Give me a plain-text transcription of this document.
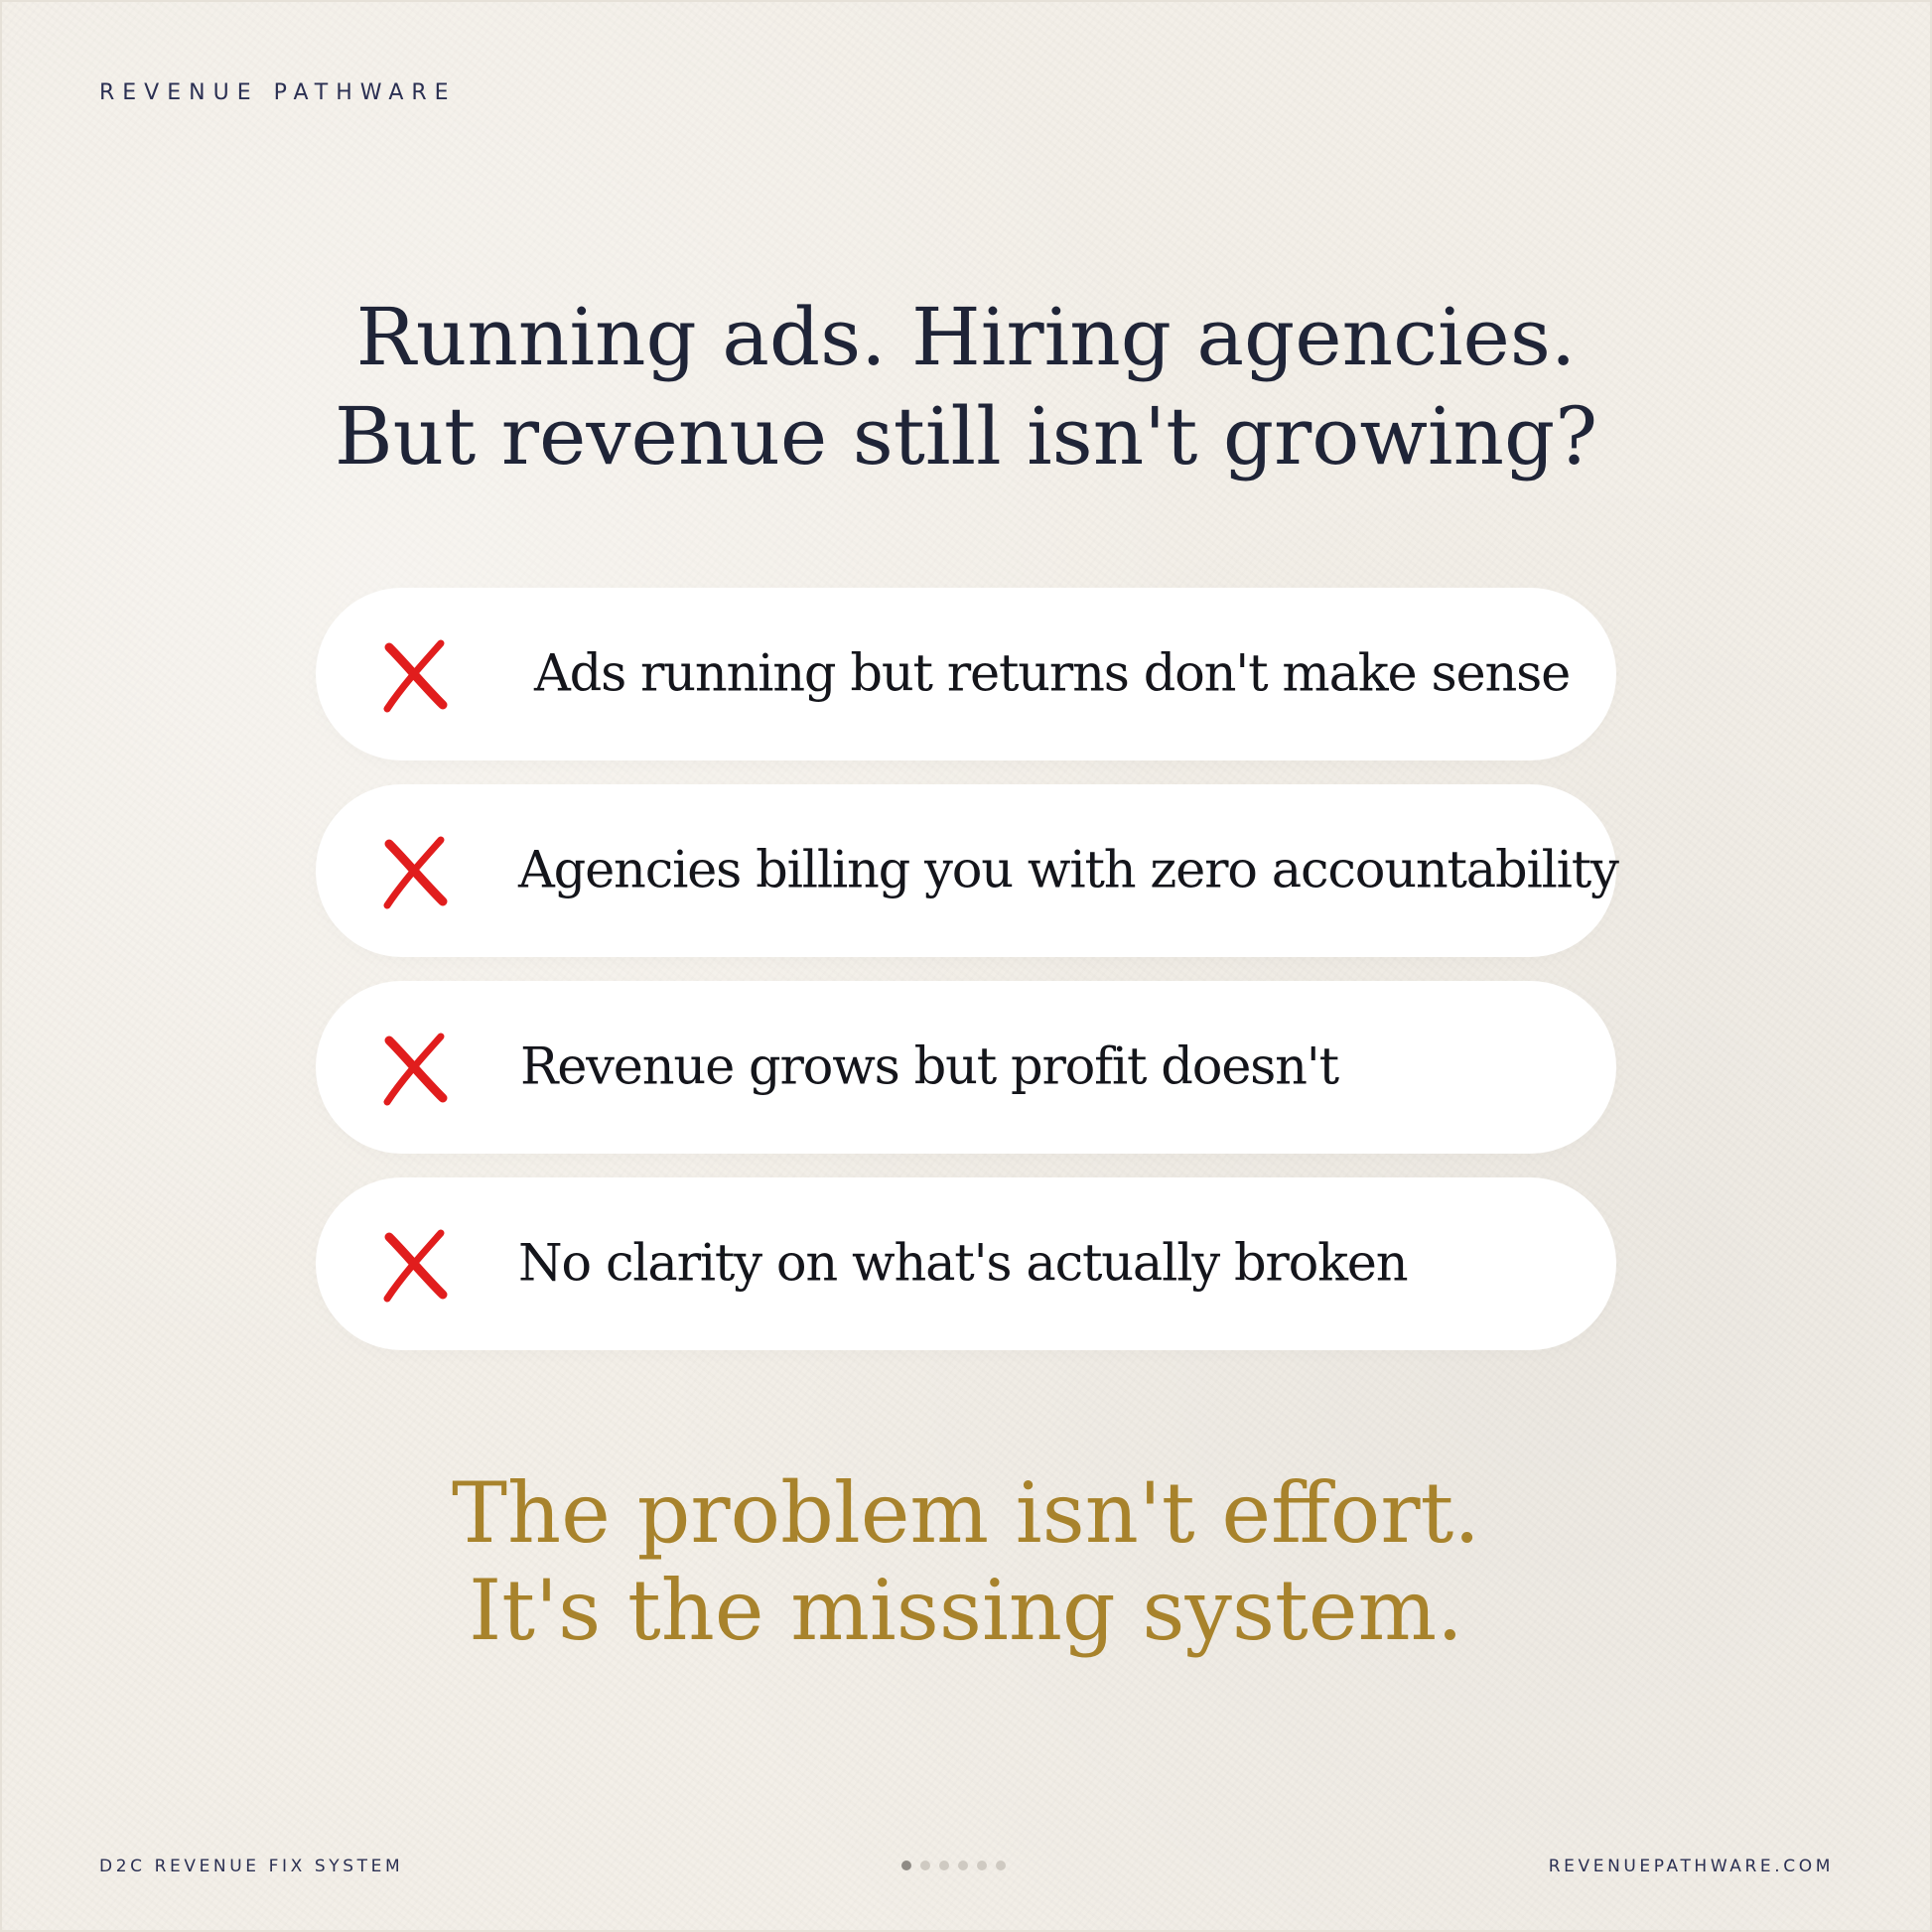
REVENUE PATHWARE
Running ads. Hiring agencies.
But revenue still isn't growing?
Ads running but returns don't make sense
Agencies billing you with zero accountability
Revenue grows but profit doesn't
No clarity on what's actually broken
The problem isn't effort.
It's the missing system.
D2C REVENUE FIX SYSTEM	REVENUEPATHWARE.COM
